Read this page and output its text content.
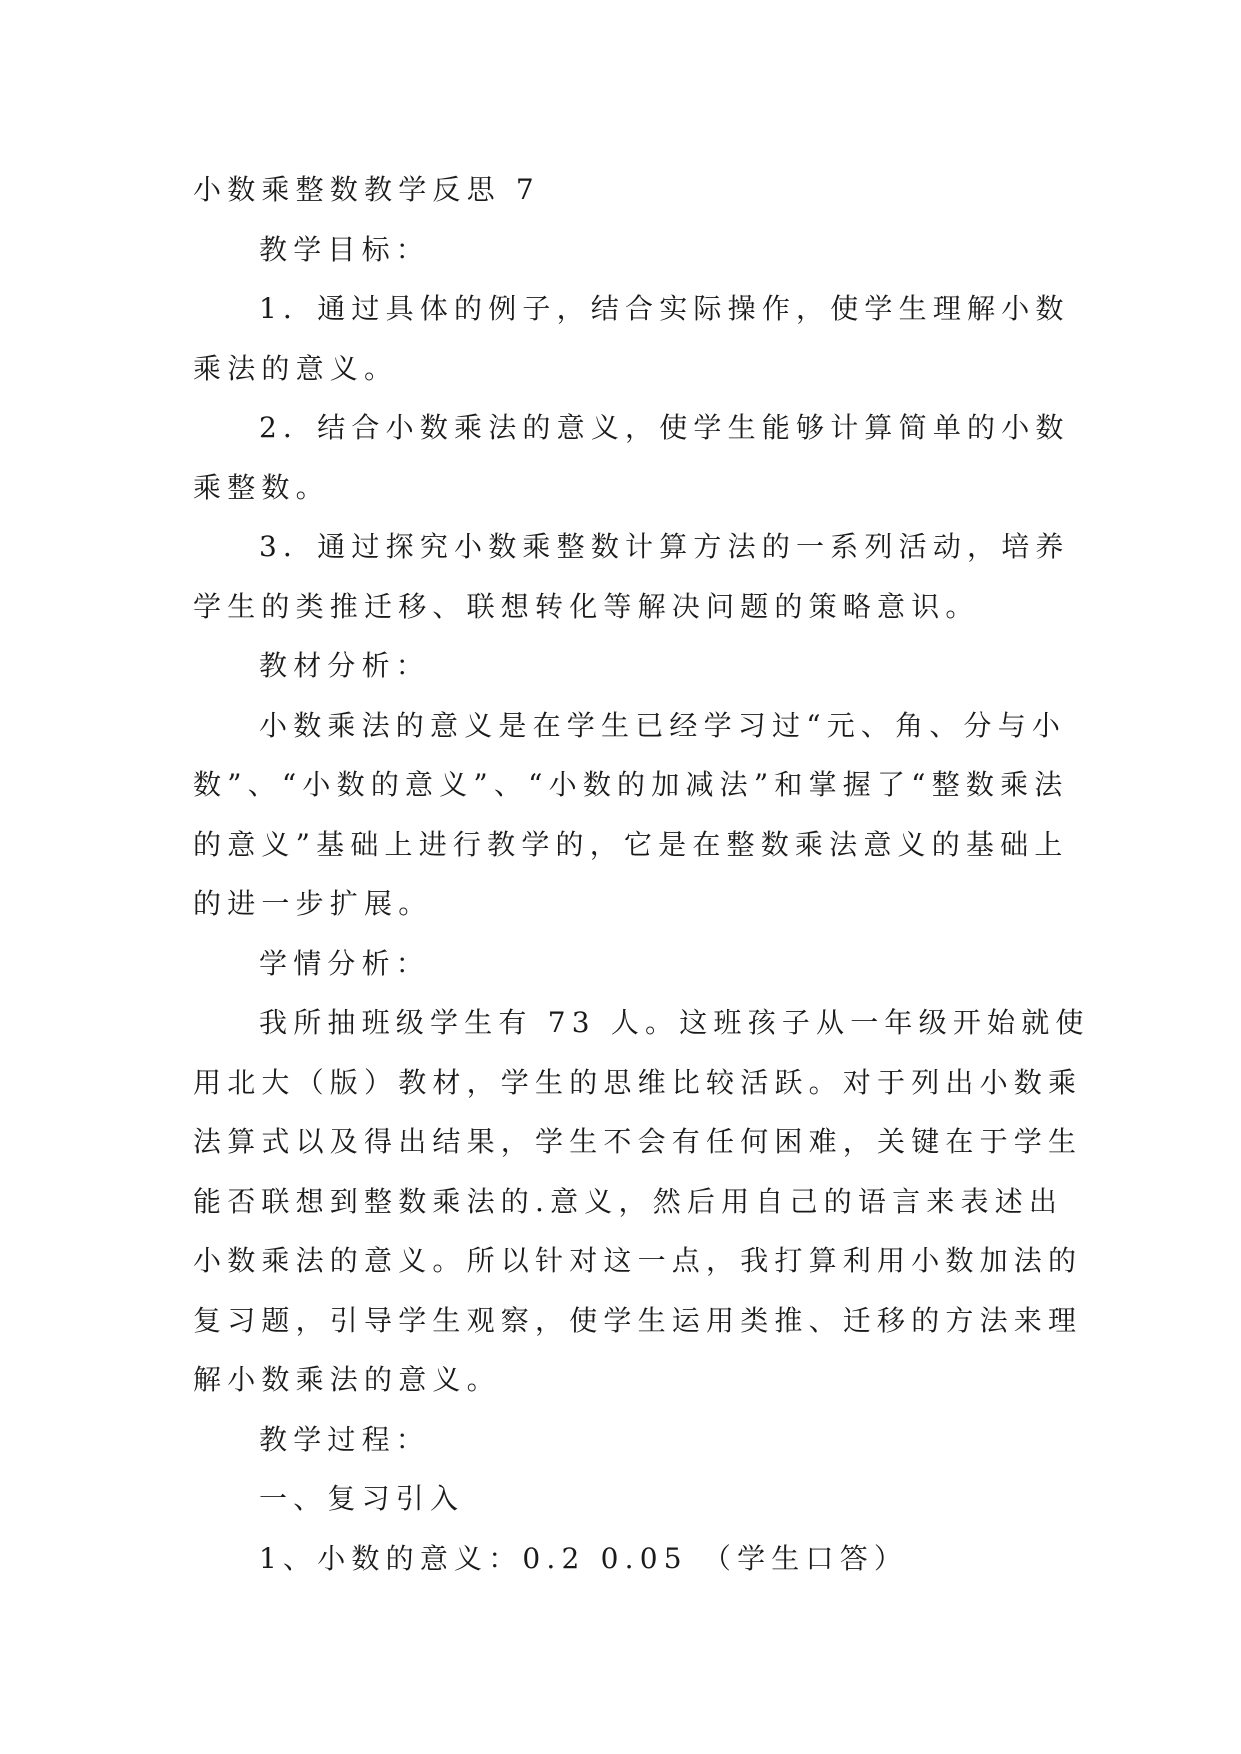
小数乘整数教学反思 7
教学目标：
1．通过具体的例子，结合实际操作，使学生理解小数
乘法的意义。
2．结合小数乘法的意义，使学生能够计算简单的小数
乘整数。
3．通过探究小数乘整数计算方法的一系列活动，培养
学生的类推迁移、联想转化等解决问题的策略意识。
教材分析：
小数乘法的意义是在学生已经学习过“元、角、分与小
数”、“小数的意义”、“小数的加减法”和掌握了“整数乘法
的意义”基础上进行教学的，它是在整数乘法意义的基础上
的进一步扩展。
学情分析：
我所抽班级学生有 73 人。这班孩子从一年级开始就使
用北大（版）教材，学生的思维比较活跃。对于列出小数乘
法算式以及得出结果，学生不会有任何困难，关键在于学生
能否联想到整数乘法的.意义，然后用自己的语言来表述出
小数乘法的意义。所以针对这一点，我打算利用小数加法的
复习题，引导学生观察，使学生运用类推、迁移的方法来理
解小数乘法的意义。
教学过程：
一、复习引入
1、小数的意义：0.2 0.05 （学生口答）
